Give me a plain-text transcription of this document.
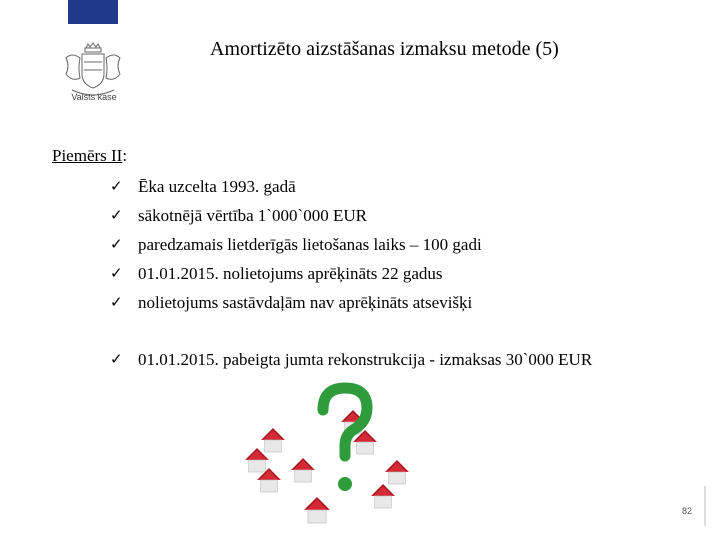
Valsts kase
Amortizēto aizstāšanas izmaksu metode (5)
Piemērs II:
✓ Ēka uzcelta 1993. gadā
✓ sākotnējā vērtība 1`000`000 EUR
✓ paredzamais lietderīgās lietošanas laiks – 100 gadi
✓ 01.01.2015. nolietojums aprēķināts 22 gadus
✓ nolietojums sastāvdaļām nav aprēķināts atsevišķi
✓ 01.01.2015. pabeigta jumta rekonstrukcija - izmaksas 30`000 EUR
82
